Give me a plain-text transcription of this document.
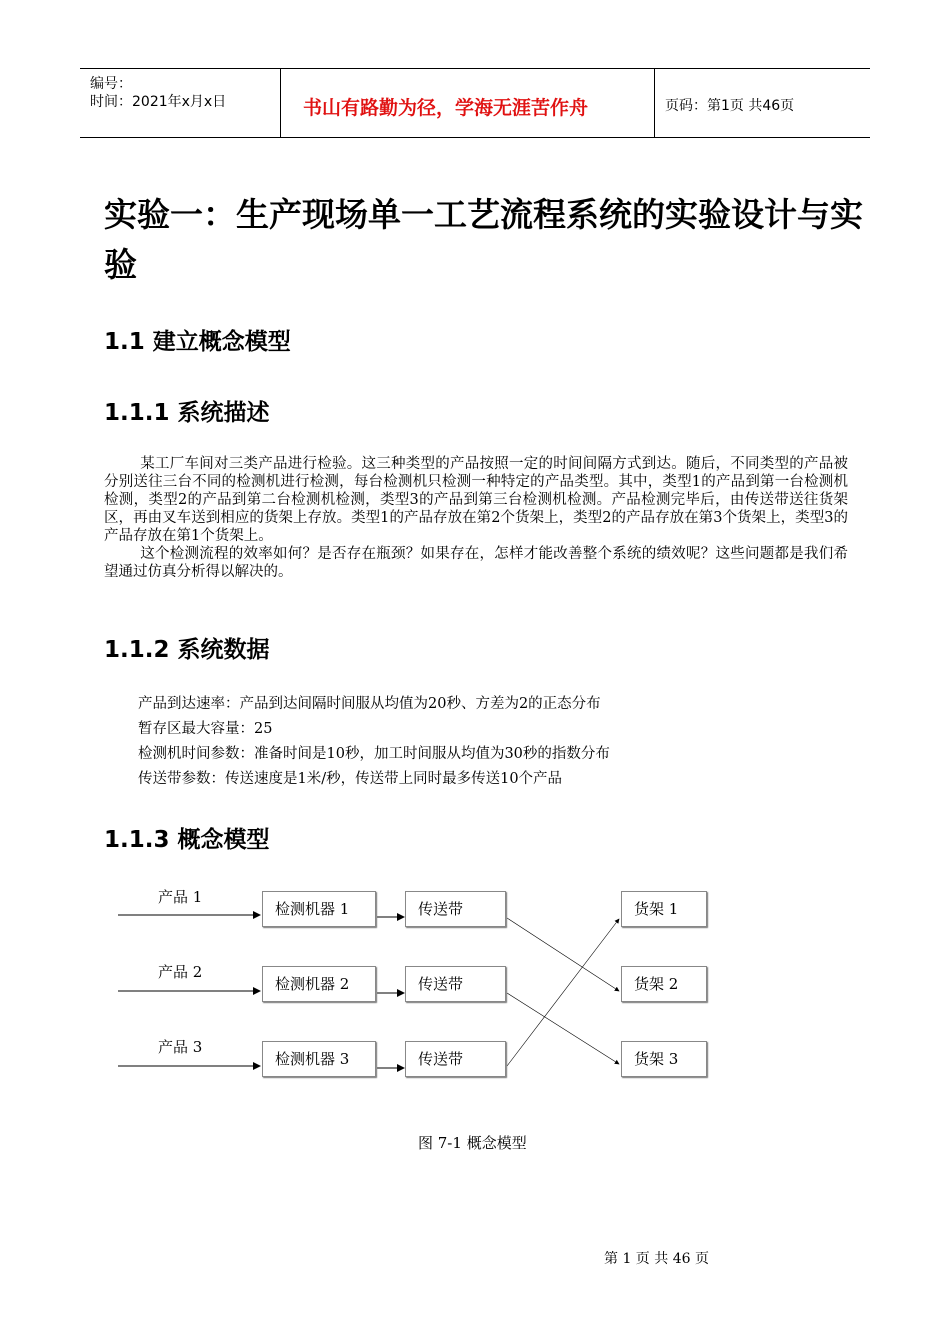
编号：
时间：2021年x月x日	书山有路勤为径，学海无涯苦作舟	页码：第1页 共46页
实验一：生产现场单一工艺流程系统的实验设计与实验
1.1 建立概念模型
1.1.1 系统描述

某工厂车间对三类产品进行检验。这三种类型的产品按照一定的时间间隔方式到达。随后，不同类型的产品被分别送往三台不同的检测机进行检测，每台检测机只检测一种特定的产品类型。其中，类型1的产品到第一台检测机检测，类型2的产品到第二台检测机检测，类型3的产品到第三台检测机检测。产品检测完毕后，由传送带送往货架区，再由叉车送到相应的货架上存放。类型1的产品存放在第2个货架上，类型2的产品存放在第3个货架上，类型3的产品存放在第1个货架上。

这个检测流程的效率如何？是否存在瓶颈？如果存在，怎样才能改善整个系统的绩效呢？这些问题都是我们希望通过仿真分析得以解决的。

1.1.2 系统数据
产品到达速率：产品到达间隔时间服从均值为20秒、方差为2的正态分布
暂存区最大容量：25
检测机时间参数：准备时间是10秒，加工时间服从均值为30秒的指数分布
传送带参数：传送速度是1米/秒，传送带上同时最多传送10个产品
1.1.3 概念模型
产品 1
产品 2
产品 3
检测机器 1
检测机器 2
检测机器 3
传送带
传送带
传送带
货架 1
货架 2
货架 3
图 7-1 概念模型
第 1 页 共 46 页
